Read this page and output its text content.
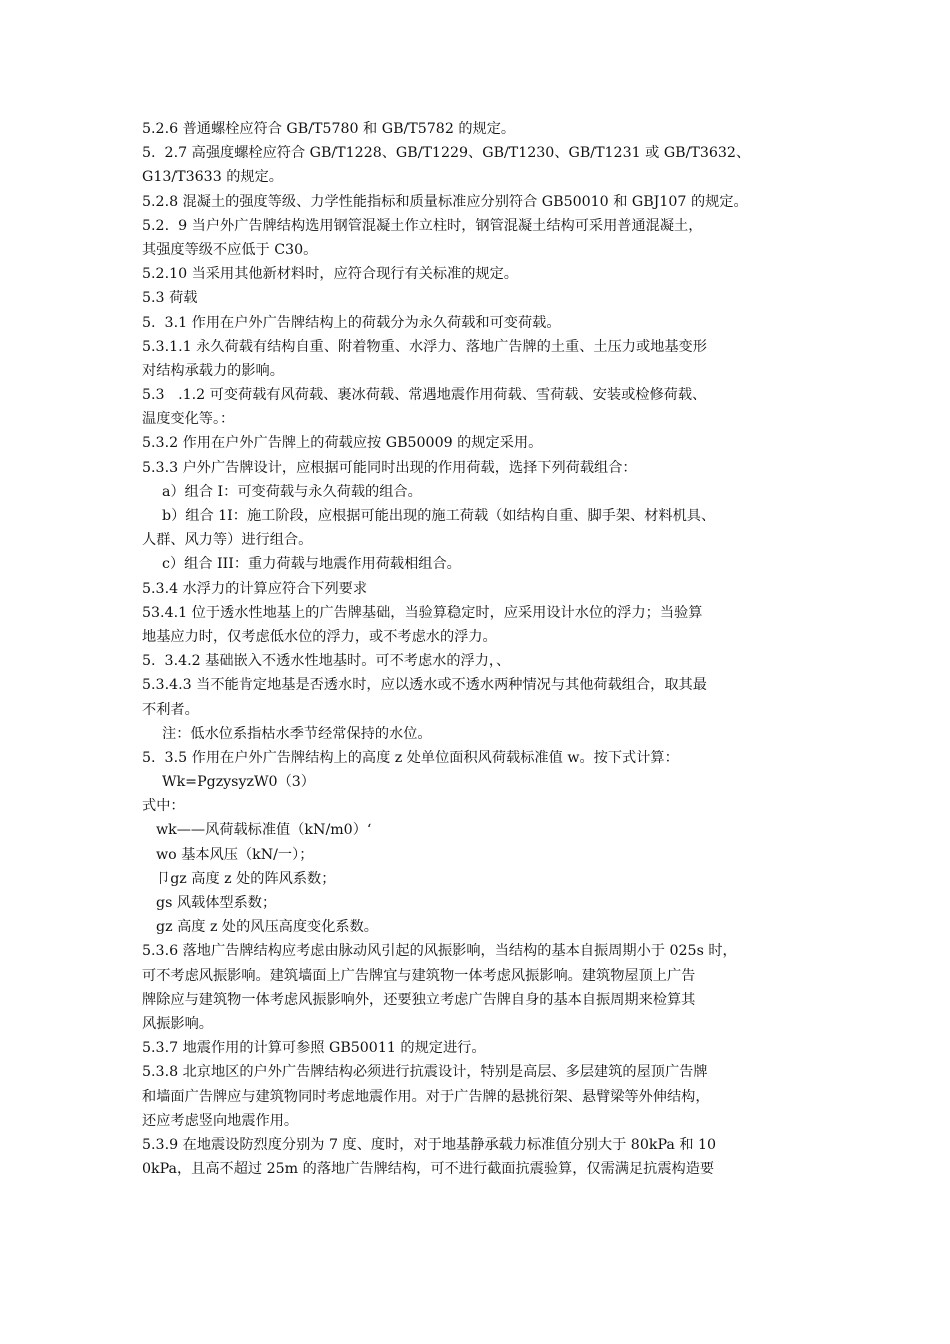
5.2.6 普通螺栓应符合 GB/T5780 和 GB/T5782 的规定。
5.  2.7 高强度螺栓应符合 GB/T1228、GB/T1229、GB/T1230、GB/T1231 或 GB/T3632、
G13/T3633 的规定。
5.2.8 混凝土的强度等级、力学性能指标和质量标准应分别符合 GB50010 和 GBJ107 的规定。
5.2.  9 当户外广告牌结构选用钢管混凝土作立柱时，钢管混凝土结构可采用普通混凝土，
其强度等级不应低于 C30。
5.2.10 当采用其他新材料时，应符合现行有关标准的规定。
5.3 荷载
5.  3.1 作用在户外广告牌结构上的荷载分为永久荷载和可变荷载。
5.3.1.1 永久荷载有结构自重、附着物重、水浮力、落地广告牌的土重、土压力或地基变形
对结构承载力的影响。
5.3   .1.2 可变荷载有风荷载、裹冰荷载、常遇地震作用荷载、雪荷载、安装或检修荷载、
温度变化等。：
5.3.2 作用在户外广告牌上的荷载应按 GB50009 的规定采用。
5.3.3 户外广告牌设计，应根据可能同时出现的作用荷载，选择下列荷载组合：
a）组合 I：可变荷载与永久荷载的组合。
b）组合 1I：施工阶段，应根据可能出现的施工荷载（如结构自重、脚手架、材料机具、
人群、风力等）进行组合。
c）组合 III：重力荷载与地震作用荷载相组合。
5.3.4 水浮力的计算应符合下列要求
53.4.1 位于透水性地基上的广告牌基础，当验算稳定时，应采用设计水位的浮力；当验算
地基应力时，仅考虑低水位的浮力，或不考虑水的浮力。
5.  3.4.2 基础嵌入不透水性地基时。可不考虑水的浮力，、
5.3.4.3 当不能肯定地基是否透水时，应以透水或不透水两种情况与其他荷载组合，取其最
不利者。
注：低水位系指枯水季节经常保持的水位。
5.  3.5 作用在户外广告牌结构上的高度 z 处单位面积风荷载标准值 w。按下式计算：
Wk=PgzysyzW0（3）
式中：
wk——风荷载标准值（kN/m0）‘
wo 基本风压（kN/一）；
卩gz 高度 z 处的阵风系数；
gs 风载体型系数；
gz 高度 z 处的风压高度变化系数。
5.3.6 落地广告牌结构应考虑由脉动风引起的风振影响，当结构的基本自振周期小于 025s 时，
可不考虑风振影响。建筑墙面上广告牌宜与建筑物一体考虑风振影响。建筑物屋顶上广告
牌除应与建筑物一体考虑风振影响外，还要独立考虑广告牌自身的基本自振周期来检算其
风振影响。
5.3.7 地震作用的计算可参照 GB50011 的规定进行。
5.3.8 北京地区的户外广告牌结构必须进行抗震设计，特别是高层、多层建筑的屋顶广告牌
和墙面广告牌应与建筑物同时考虑地震作用。对于广告牌的悬挑衍架、悬臂梁等外伸结构，
还应考虑竖向地震作用。
5.3.9 在地震设防烈度分别为 7 度、度时，对于地基静承载力标准值分别大于 80kPa 和 10
0kPa，且高不超过 25m 的落地广告牌结构，可不进行截面抗震验算，仅需满足抗震构造要
